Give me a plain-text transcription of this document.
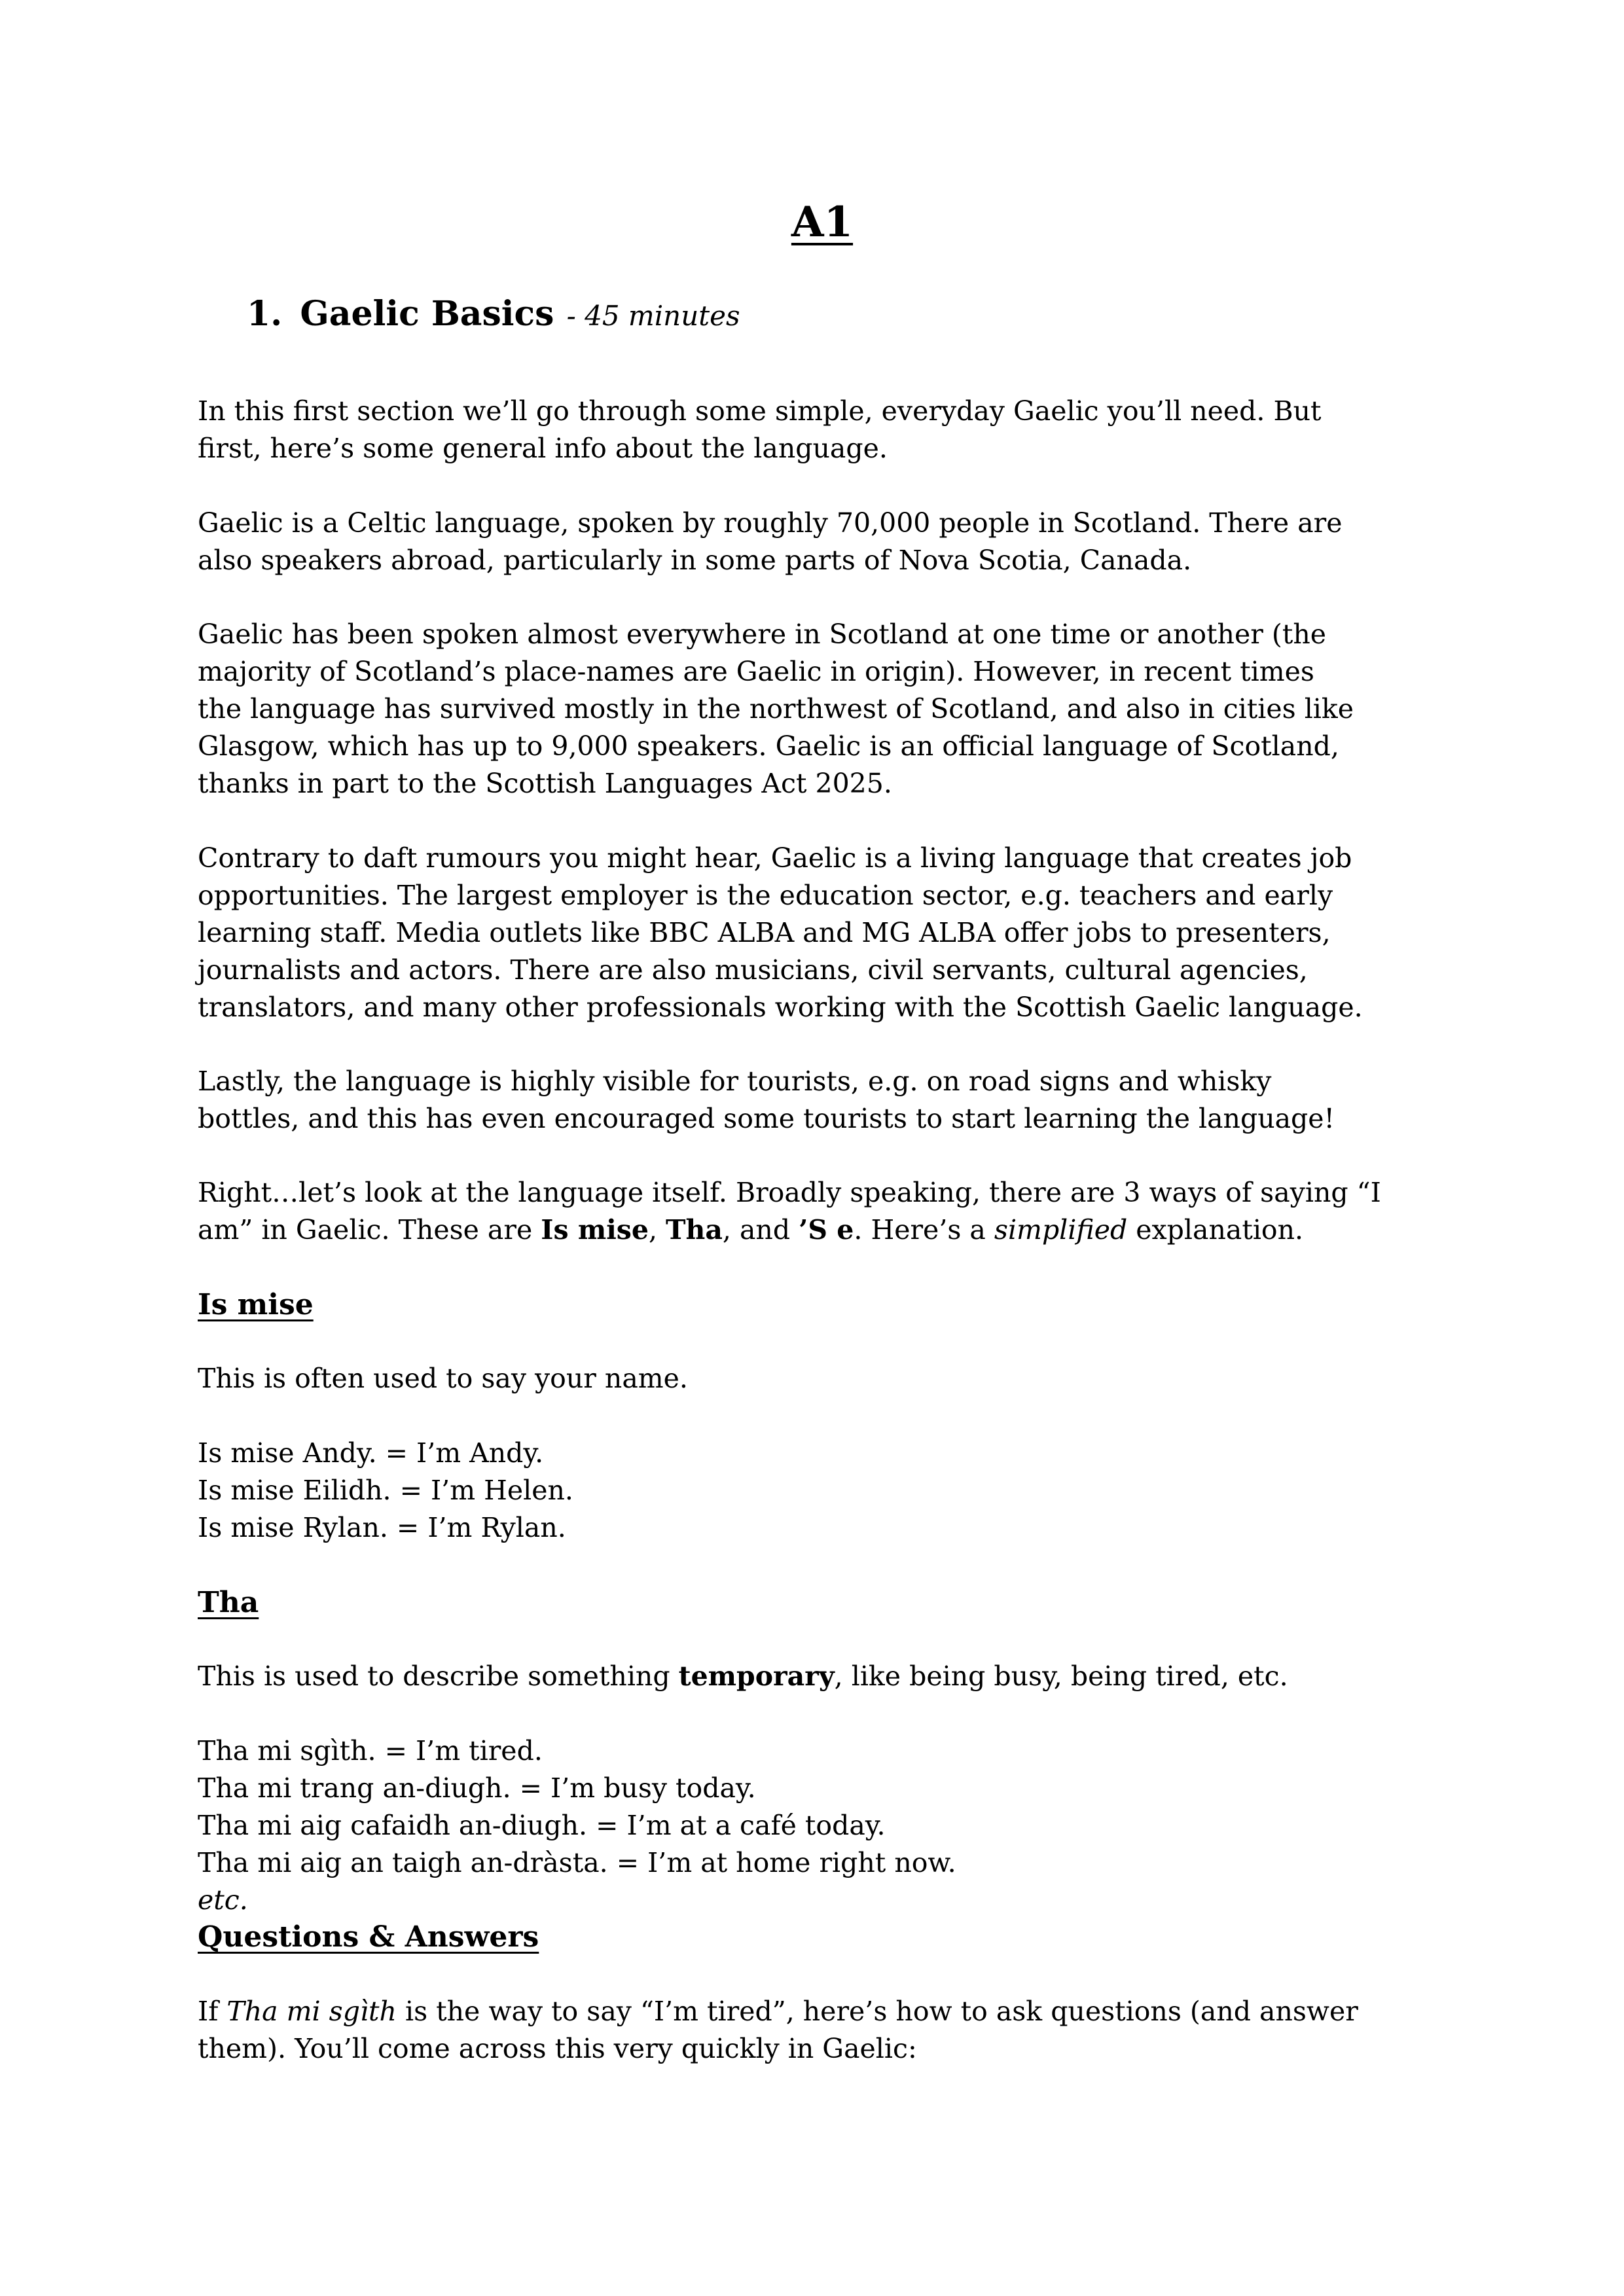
A1
1. Gaelic Basics - 45 minutes
In this first section we’ll go through some simple, everyday Gaelic you’ll need. But
first, here’s some general info about the language.
Gaelic is a Celtic language, spoken by roughly 70,000 people in Scotland. There are
also speakers abroad, particularly in some parts of Nova Scotia, Canada.
Gaelic has been spoken almost everywhere in Scotland at one time or another (the
majority of Scotland’s place-names are Gaelic in origin). However, in recent times
the language has survived mostly in the northwest of Scotland, and also in cities like
Glasgow, which has up to 9,000 speakers. Gaelic is an official language of Scotland,
thanks in part to the Scottish Languages Act 2025.
Contrary to daft rumours you might hear, Gaelic is a living language that creates job
opportunities. The largest employer is the education sector, e.g. teachers and early
learning staff. Media outlets like BBC ALBA and MG ALBA offer jobs to presenters,
journalists and actors. There are also musicians, civil servants, cultural agencies,
translators, and many other professionals working with the Scottish Gaelic language.
Lastly, the language is highly visible for tourists, e.g. on road signs and whisky
bottles, and this has even encouraged some tourists to start learning the language!
Right…let’s look at the language itself. Broadly speaking, there are 3 ways of saying “I
am” in Gaelic. These are Is mise, Tha, and ’S e. Here’s a simplified explanation.
Is mise
This is often used to say your name.
Is mise Andy. = I’m Andy.
Is mise Eilidh. = I’m Helen.
Is mise Rylan. = I’m Rylan.
Tha
This is used to describe something temporary, like being busy, being tired, etc.
Tha mi sgìth. = I’m tired.
Tha mi trang an-diugh. = I’m busy today.
Tha mi aig cafaidh an-diugh. = I’m at a café today.
Tha mi aig an taigh an-dràsta. = I’m at home right now.
etc.
Questions & Answers
If Tha mi sgìth is the way to say “I’m tired”, here’s how to ask questions (and answer
them). You’ll come across this very quickly in Gaelic:
